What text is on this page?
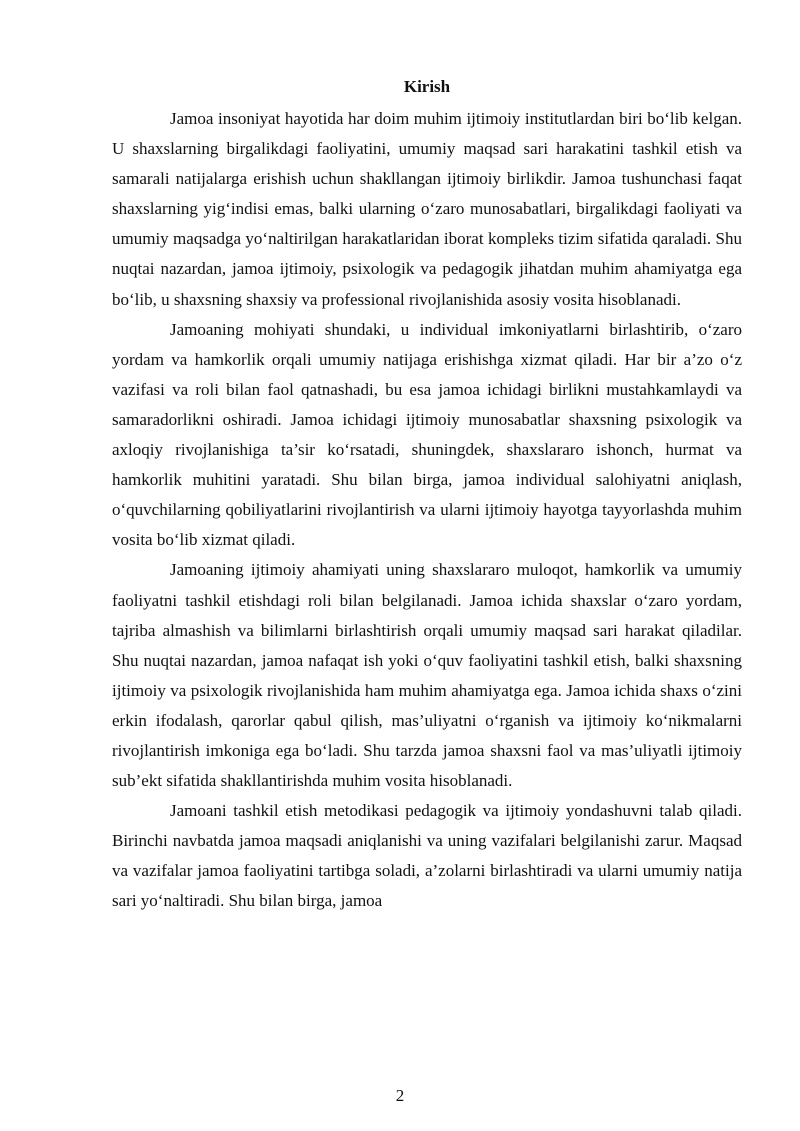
Kirish

Jamoa insoniyat hayotida har doim muhim ijtimoiy institutlardan biri bo‘lib kelgan. U shaxslarning birgalikdagi faoliyatini, umumiy maqsad sari harakatini tashkil etish va samarali natijalarga erishish uchun shakllangan ijtimoiy birlikdir. Jamoa tushunchasi faqat shaxslarning yig‘indisi emas, balki ularning o‘zaro munosabatlari, birgalikdagi faoliyati va umumiy maqsadga yo‘naltirilgan harakatlaridan iborat kompleks tizim sifatida qaraladi. Shu nuqtai nazardan, jamoa ijtimoiy, psixologik va pedagogik jihatdan muhim ahamiyatga ega bo‘lib, u shaxsning shaxsiy va professional rivojlanishida asosiy vosita hisoblanadi.

Jamoaning mohiyati shundaki, u individual imkoniyatlarni birlashtirib, o‘zaro yordam va hamkorlik orqali umumiy natijaga erishishga xizmat qiladi. Har bir a’zo o‘z vazifasi va roli bilan faol qatnashadi, bu esa jamoa ichidagi birlikni mustahkamlaydi va samaradorlikni oshiradi. Jamoa ichidagi ijtimoiy munosabatlar shaxsning psixologik va axloqiy rivojlanishiga ta’sir ko‘rsatadi, shuningdek, shaxslararo ishonch, hurmat va hamkorlik muhitini yaratadi. Shu bilan birga, jamoa individual salohiyatni aniqlash, o‘quvchilarning qobiliyatlarini rivojlantirish va ularni ijtimoiy hayotga tayyorlashda muhim vosita bo‘lib xizmat qiladi.

Jamoaning ijtimoiy ahamiyati uning shaxslararo muloqot, hamkorlik va umumiy faoliyatni tashkil etishdagi roli bilan belgilanadi. Jamoa ichida shaxslar o‘zaro yordam, tajriba almashish va bilimlarni birlashtirish orqali umumiy maqsad sari harakat qiladilar. Shu nuqtai nazardan, jamoa nafaqat ish yoki o‘quv faoliyatini tashkil etish, balki shaxsning ijtimoiy va psixologik rivojlanishida ham muhim ahamiyatga ega. Jamoa ichida shaxs o‘zini erkin ifodalash, qarorlar qabul qilish, mas’uliyatni o‘rganish va ijtimoiy ko‘nikmalarni rivojlantirish imkoniga ega bo‘ladi. Shu tarzda jamoa shaxsni faol va mas’uliyatli ijtimoiy sub’ekt sifatida shakllantirishda muhim vosita hisoblanadi.

Jamoani tashkil etish metodikasi pedagogik va ijtimoiy yondashuvni talab qiladi. Birinchi navbatda jamoa maqsadi aniqlanishi va uning vazifalari belgilanishi zarur. Maqsad va vazifalar jamoa faoliyatini tartibga soladi, a’zolarni birlashtiradi va ularni umumiy natija sari yo‘naltiradi. Shu bilan birga, jamoa

2
